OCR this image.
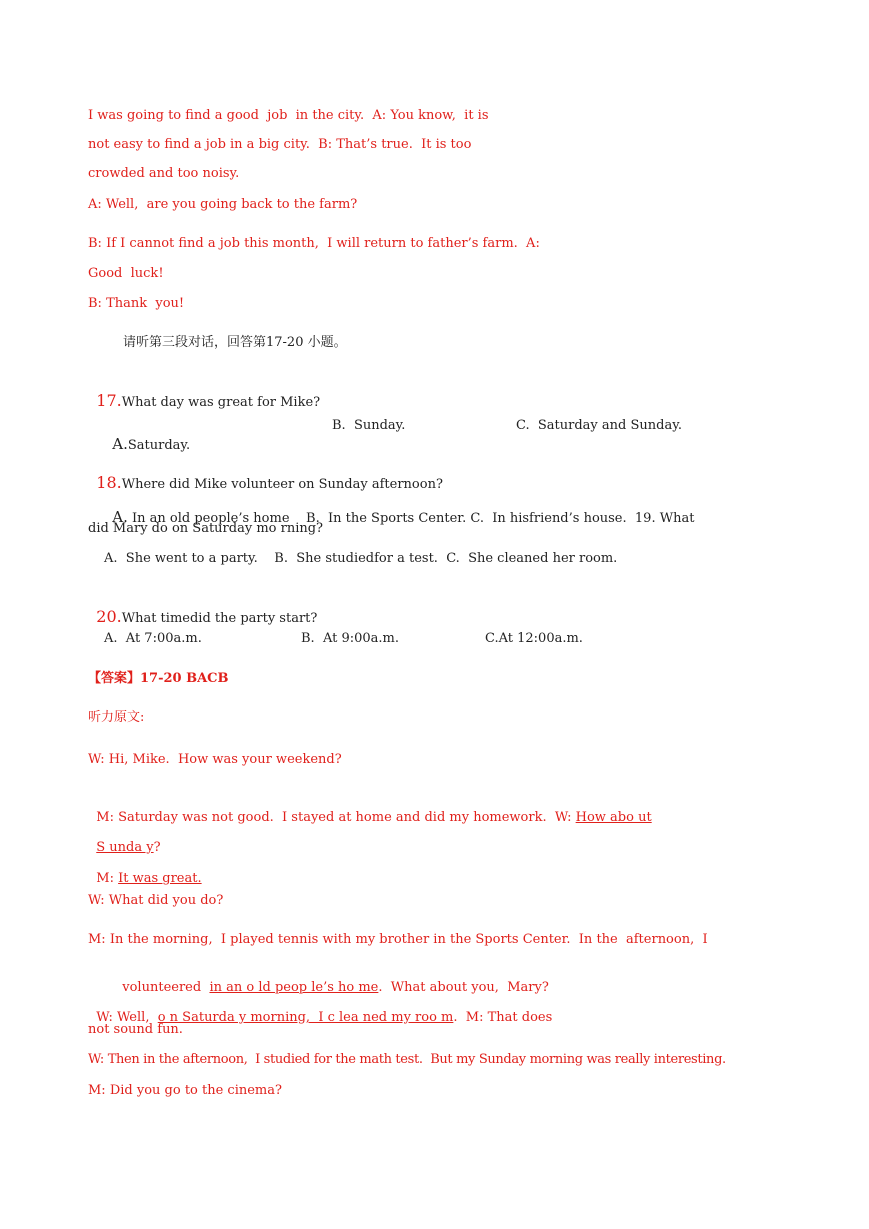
I was going to find a good  job  in the city.  A: You know,  it is
not easy to find a job in a big city.  B: That’s true.  It is too
crowded and too noisy.
A: Well,  are you going back to the farm?
B: If I cannot find a job this month,  I will return to father’s farm.  A:
Good  luck!
B: Thank  you!
请听第三段对话，回答第17-20 小题。

17.What day was great for Mike?

A.Saturday.

B.  Sunday.	C.  Saturday and Sunday.

18.Where did Mike volunteer on Sunday afternoon?

A. In an old people’s home    B.  In the Sports Center. C.  In hisfriend’s house.  19. What

did Mary do on Saturday mo rning?
A.  She went to a party.    B.  She studiedfor a test.  C.  She cleaned her room.

20.What timedid the party start?

A.  At 7:00a.m.	B.  At 9:00a.m.	C.At 12:00a.m.
【答案】17-20 BACB
听力原文:
W: Hi, Mike.  How was your weekend?

M: Saturday was not good.  I stayed at home and did my homework.  W: How abo ut

S unda y?

M: It was great.

W: What did you do?
M: In the morning,  I played tennis with my brother in the Sports Center.  In the  afternoon,  I

volunteered  in an o ld peop le’s ho me.  What about you,  Mary?

W: Well,  o n Saturda y morning,  I c lea ned my roo m.  M: That does

not sound fun.
W: Then in the afternoon,  I studied for the math test.  But my Sunday morning was really interesting.
M: Did you go to the cinema?
